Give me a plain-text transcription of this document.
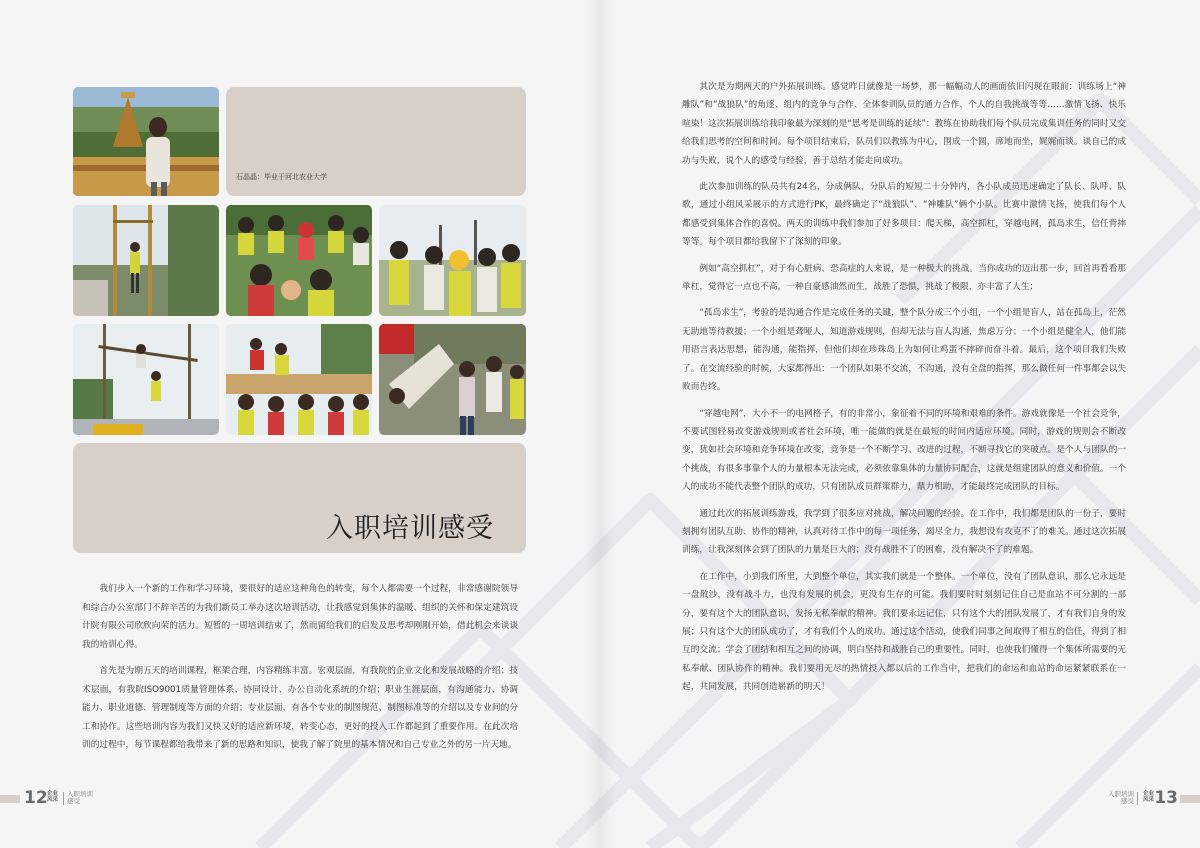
石晶晶：毕业于河北农业大学
入职培训感受

我们步入一个新的工作和学习环境，要很好的适应这种角色的转变，每个人都需要一个过程，非常感谢院领导和综合办公室部门不辞辛苦的为我们新员工举办这次培训活动，让我感觉到集体的温暖、组织的关怀和保定建筑设计院有限公司欣欣向荣的活力。短暂的一周培训结束了，然而留给我们的启发及思考却刚刚开始，借此机会来谈谈我的培训心得。

首先是为期五天的培训课程，框架合理，内容精练丰富。宏观层面，有我院的企业文化和发展战略的介绍；技术层面，有我院ISO9001质量管理体系、协同设计、办公自动化系统的介绍；职业生涯层面，有沟通能力、协调能力、职业道德、管理制度等方面的介绍；专业层面，有各个专业的制图规范、制图标准等的介绍以及专业间的分工和协作。这些培训内容为我们又快又好的适应新环境，转变心态，更好的投入工作都起到了重要作用。在此次培训的过程中，每节课程都给我带来了新的思路和知识，使我了解了院里的基本情况和自己专业之外的另一片天地。

其次是为期两天的户外拓展训练。感觉昨日就像是一场梦，那一幅幅动人的画面依旧闪现在眼前：训练场上“神雕队”和“战狼队”的角逐、组内的竞争与合作、全体参训队员的通力合作、个人的自我挑战等等……激情飞扬、快乐喧染！这次拓展训练给我印象最为深刻的是“思考是训练的延续”：教练在协助我们每个队员完成集训任务的同时又交给我们思考的空间和时间。每个项目结束后，队员们以教练为中心，围成一个圆，席地而坐，娓娓而谈。谈自己的成功与失败，说个人的感受与经验，善于总结才能走向成功。

此次参加训练的队员共有24名，分成俩队，分队后的短短二十分钟内，各小队成员迅速确定了队长、队呼、队歌，通过小组风采展示的方式进行PK，最终确定了“战狼队”、“神雕队”俩个小队。比赛中激情飞扬，使我们每个人都感受到集体合作的喜悦。两天的训练中我们参加了好多项目：爬天梯，高空抓杠，穿越电网，孤岛求生，信任背摔等等。每个项目都给我留下了深刻的印象。

例如“高空抓杠”，对于有心脏病、恐高症的人来说，是一种极大的挑战。当你成功的迈出那一步，回首再看看那单杠，觉得它一点也不高，一种自豪感油然而生，战胜了恐惧，挑战了极限，亦丰富了人生；

“孤岛求生”，考验的是沟通合作是完成任务的关键，整个队分成三个小组，一个小组是盲人，站在孤岛上，茫然无助地等待救援；一个小组是聋哑人，知道游戏规则，但却无法与盲人沟通，焦虑万分；一个小组是健全人，他们能用语言表达思想，能沟通，能指挥，但他们却在珍珠岛上为如何让鸡蛋不摔碎而奋斗着。最后，这个项目我们失败了。在交流经验的时候，大家都得出：一个团队如果不交流，不沟通，没有全盘的指挥，那么做任何一件事都会以失败而告终。

“穿越电网”，大小不一的电网格子，有的非常小，象征着不同的环境和艰难的条件。游戏就像是一个社会竞争，不要试图轻易改变游戏规则或者社会环境，唯一能做的就是在最短的时间内适应环境。同时，游戏的规则会不断改变，犹如社会环境和竞争环境在改变，竞争是一个不断学习、改进的过程，不断寻找它的突破点。是个人与团队的一个挑战，有很多事靠个人的力量根本无法完成，必须依靠集体的力量协同配合，这就是组建团队的意义和价值。一个人的成功不能代表整个团队的成功，只有团队成员群策群力，鼎力相助，才能最终完成团队的目标。

通过此次的拓展训练游戏，我学到了很多应对挑战，解决问题的经验。在工作中，我们都是团队的一份子，要时刻拥有团队互助、协作的精神，认真对待工作中的每一项任务，竭尽全力，我想没有攻克不了的难关。通过这次拓展训练，让我深刻体会到了团队的力量是巨大的；没有战胜不了的困难，没有解决不了的难题。

在工作中，小到我们所里，大到整个单位，其实我们就是一个整体。一个单位，没有了团队意识，那么它永远是一盘散沙，没有战斗力，也没有发展的机会，更没有生存的可能。我们要时时刻刻记住自己是血站不可分割的一部分，要有这个大的团队意识，发扬无私奉献的精神。我们要永远记住，只有这个大的团队发展了，才有我们自身的发展；只有这个大的团队成功了，才有我们个人的成功。通过这个活动，使我们同事之间取得了相互的信任，得到了相互的交流；学会了团结和相互之间的协调，明白坚持和战胜自己的重要性。同时，也使我们懂得一个集体所需要的无私奉献、团队协作的精神。我们要用无尽的热情投入都以后的工作当中，把我们的命运和血站的命运紧紧联系在一起，共同发展，共同创造崭新的明天！

12 企业
风采
入职培训
感受
入职培训
感受
企业
风采 13
